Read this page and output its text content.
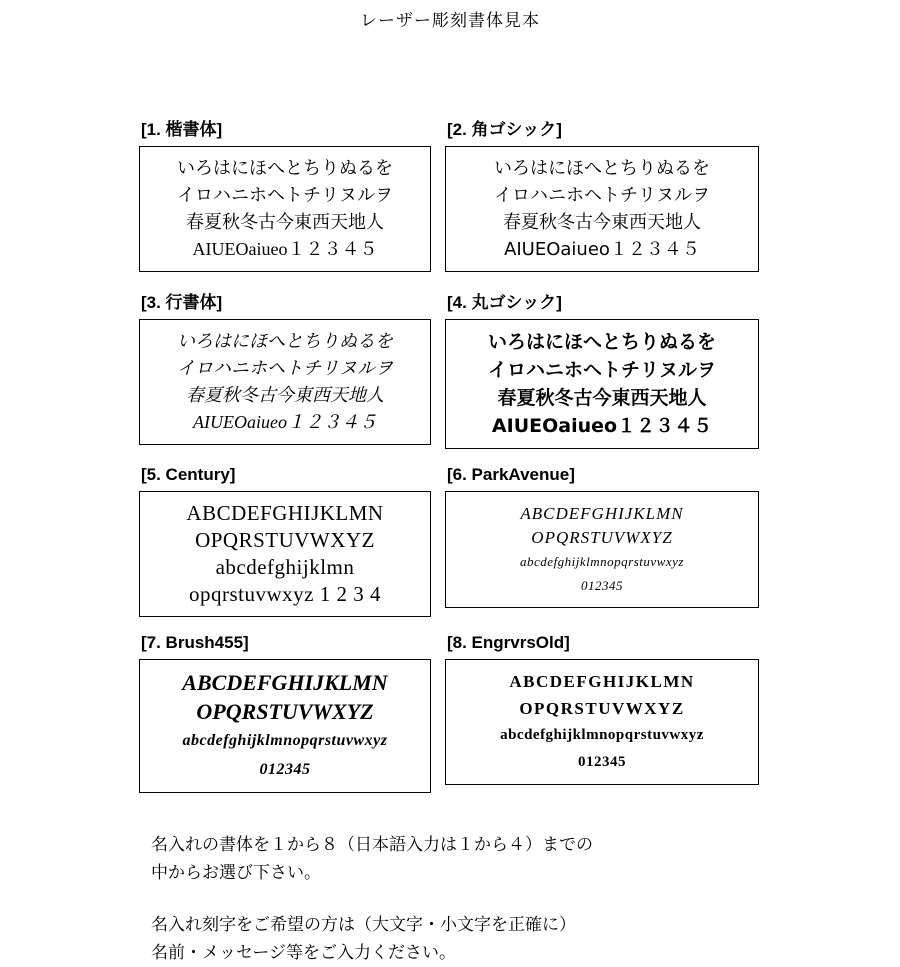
レーザー彫刻書体見本
[1. 楷書体]
いろはにほへとちりぬるを
イロハニホヘトチリヌルヲ
春夏秋冬古今東西天地人
AIUEOaiueo１２３４５
[2. 角ゴシック]
いろはにほへとちりぬるを
イロハニホヘトチリヌルヲ
春夏秋冬古今東西天地人
AIUEOaiueo１２３４５
[3. 行書体]
いろはにほへとちりぬるを
イロハニホヘトチリヌルヲ
春夏秋冬古今東西天地人
AIUEOaiueo１２３４５
[4. 丸ゴシック]
いろはにほへとちりぬるを
イロハニホヘトチリヌルヲ
春夏秋冬古今東西天地人
AIUEOaiueo１２３４５
[5. Century]
ABCDEFGHIJKLMN
OPQRSTUVWXYZ
abcdefghijklmn
opqrstuvwxyz 1 2 3 4
[6. ParkAvenue]
ABCDEFGHIJKLMN
OPQRSTUVWXYZ
abcdefghijklmnopqrstuvwxyz
012345
[7. Brush455]
ABCDEFGHIJKLMN
OPQRSTUVWXYZ
abcdefghijklmnopqrstuvwxyz
012345
[8. EngrvrsOld]
ABCDEFGHIJKLMN
OPQRSTUVWXYZ
abcdefghijklmnopqrstuvwxyz
012345

名入れの書体を１から８（日本語入力は１から４）までの
中からお選び下さい。

名入れ刻字をご希望の方は（大文字・小文字を正確に）
名前・メッセージ等をご入力ください。
